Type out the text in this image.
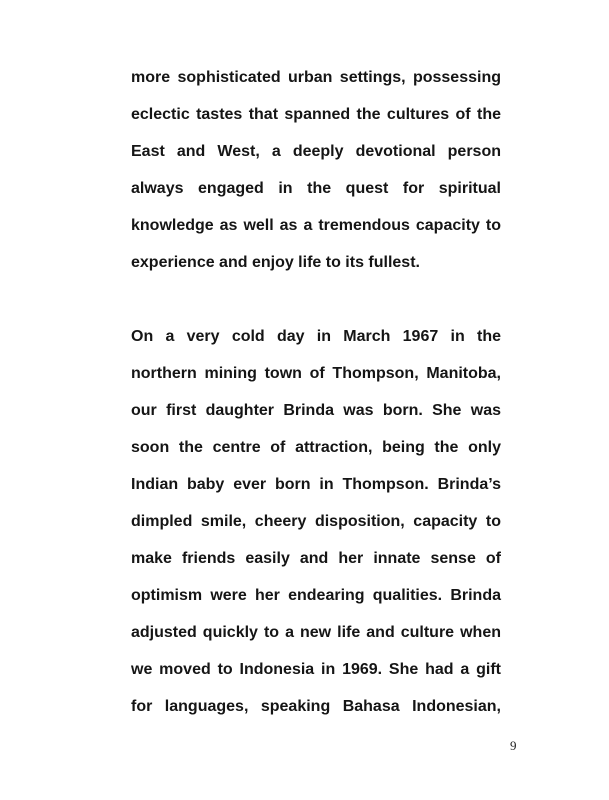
more sophisticated urban settings, possessing
eclectic tastes that spanned the cultures of the
East and West, a deeply devotional person
always engaged in the quest for spiritual
knowledge as well as a tremendous capacity to
experience and enjoy life to its fullest.
On a very cold day in March 1967 in the
northern mining town of Thompson, Manitoba,
our first daughter Brinda was born. She was
soon the centre of attraction, being the only
Indian baby ever born in Thompson. Brinda’s
dimpled smile, cheery disposition, capacity to
make friends easily and her innate sense of
optimism were her endearing qualities. Brinda
adjusted quickly to a new life and culture when
we moved to Indonesia in 1969. She had a gift
for languages, speaking Bahasa Indonesian,
9
